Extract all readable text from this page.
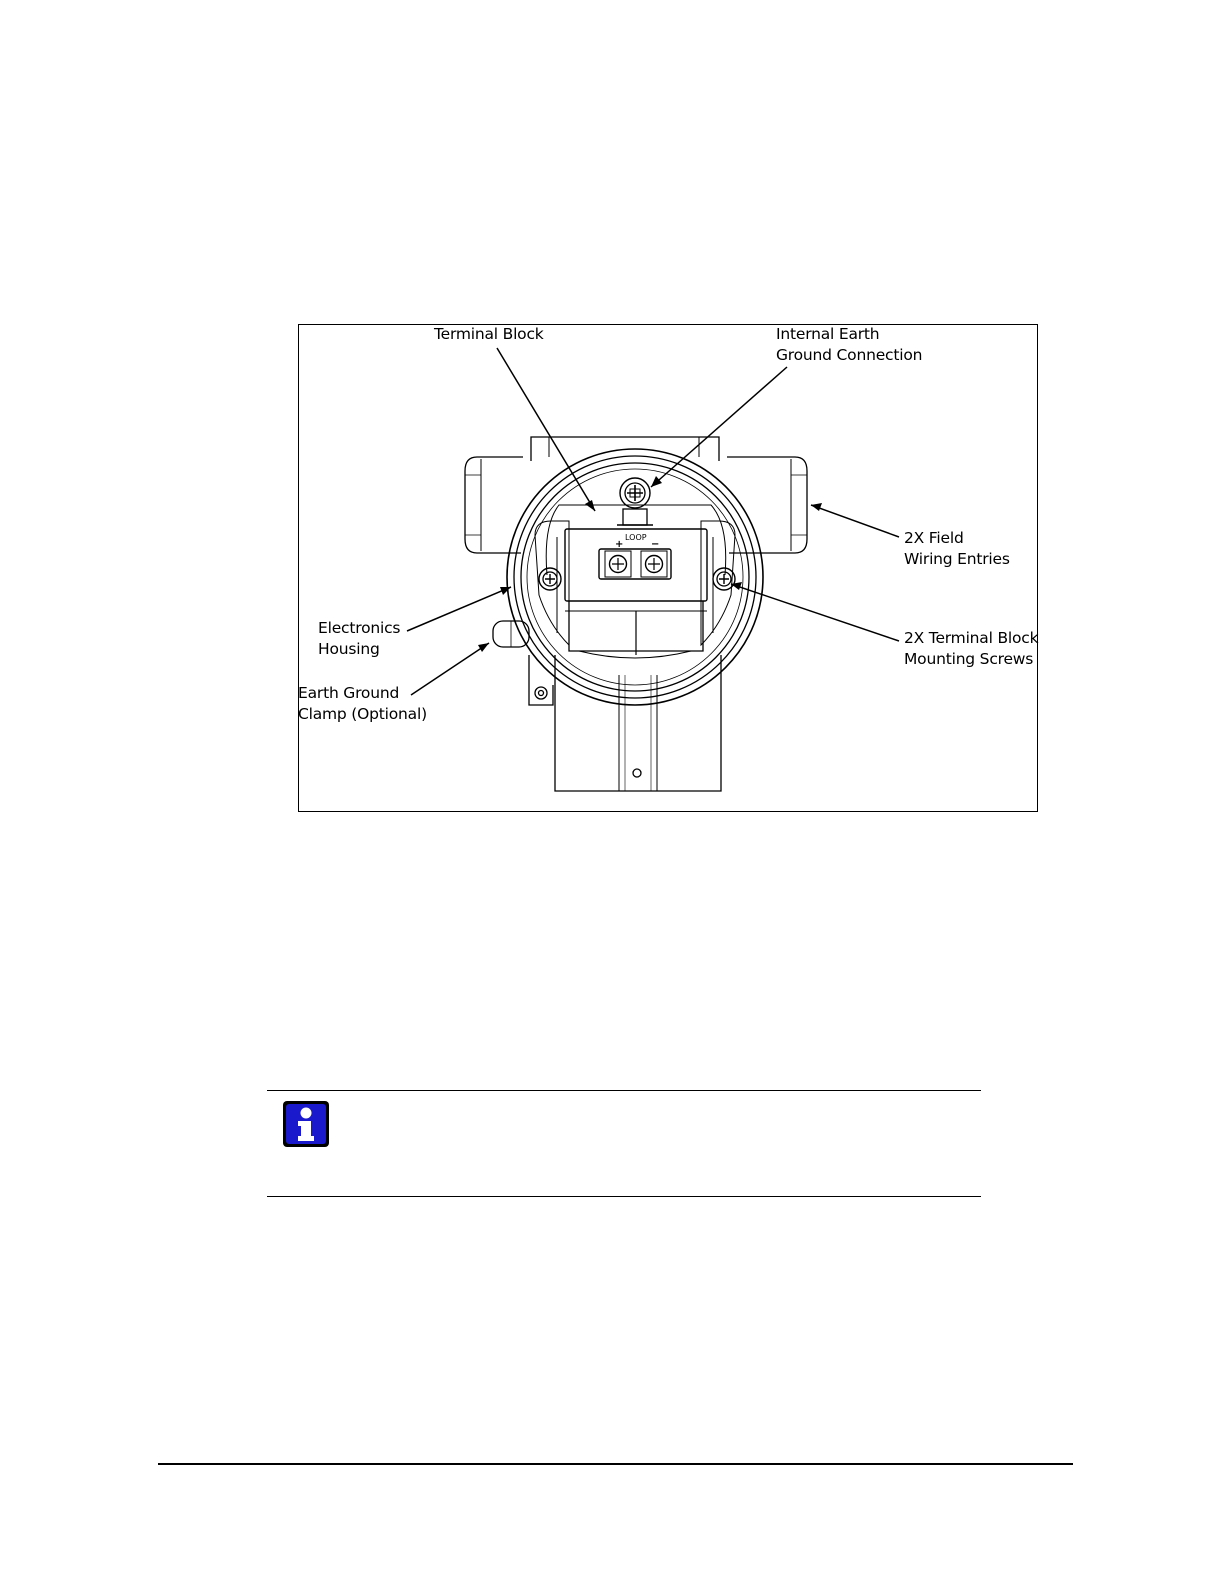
LOOP
+	−
Terminal Block	Internal Earth
Ground Connection
2X Field
Wiring Entries
Electronics
Housing
2X Terminal Block
Mounting Screws
Earth Ground
Clamp (Optional)
